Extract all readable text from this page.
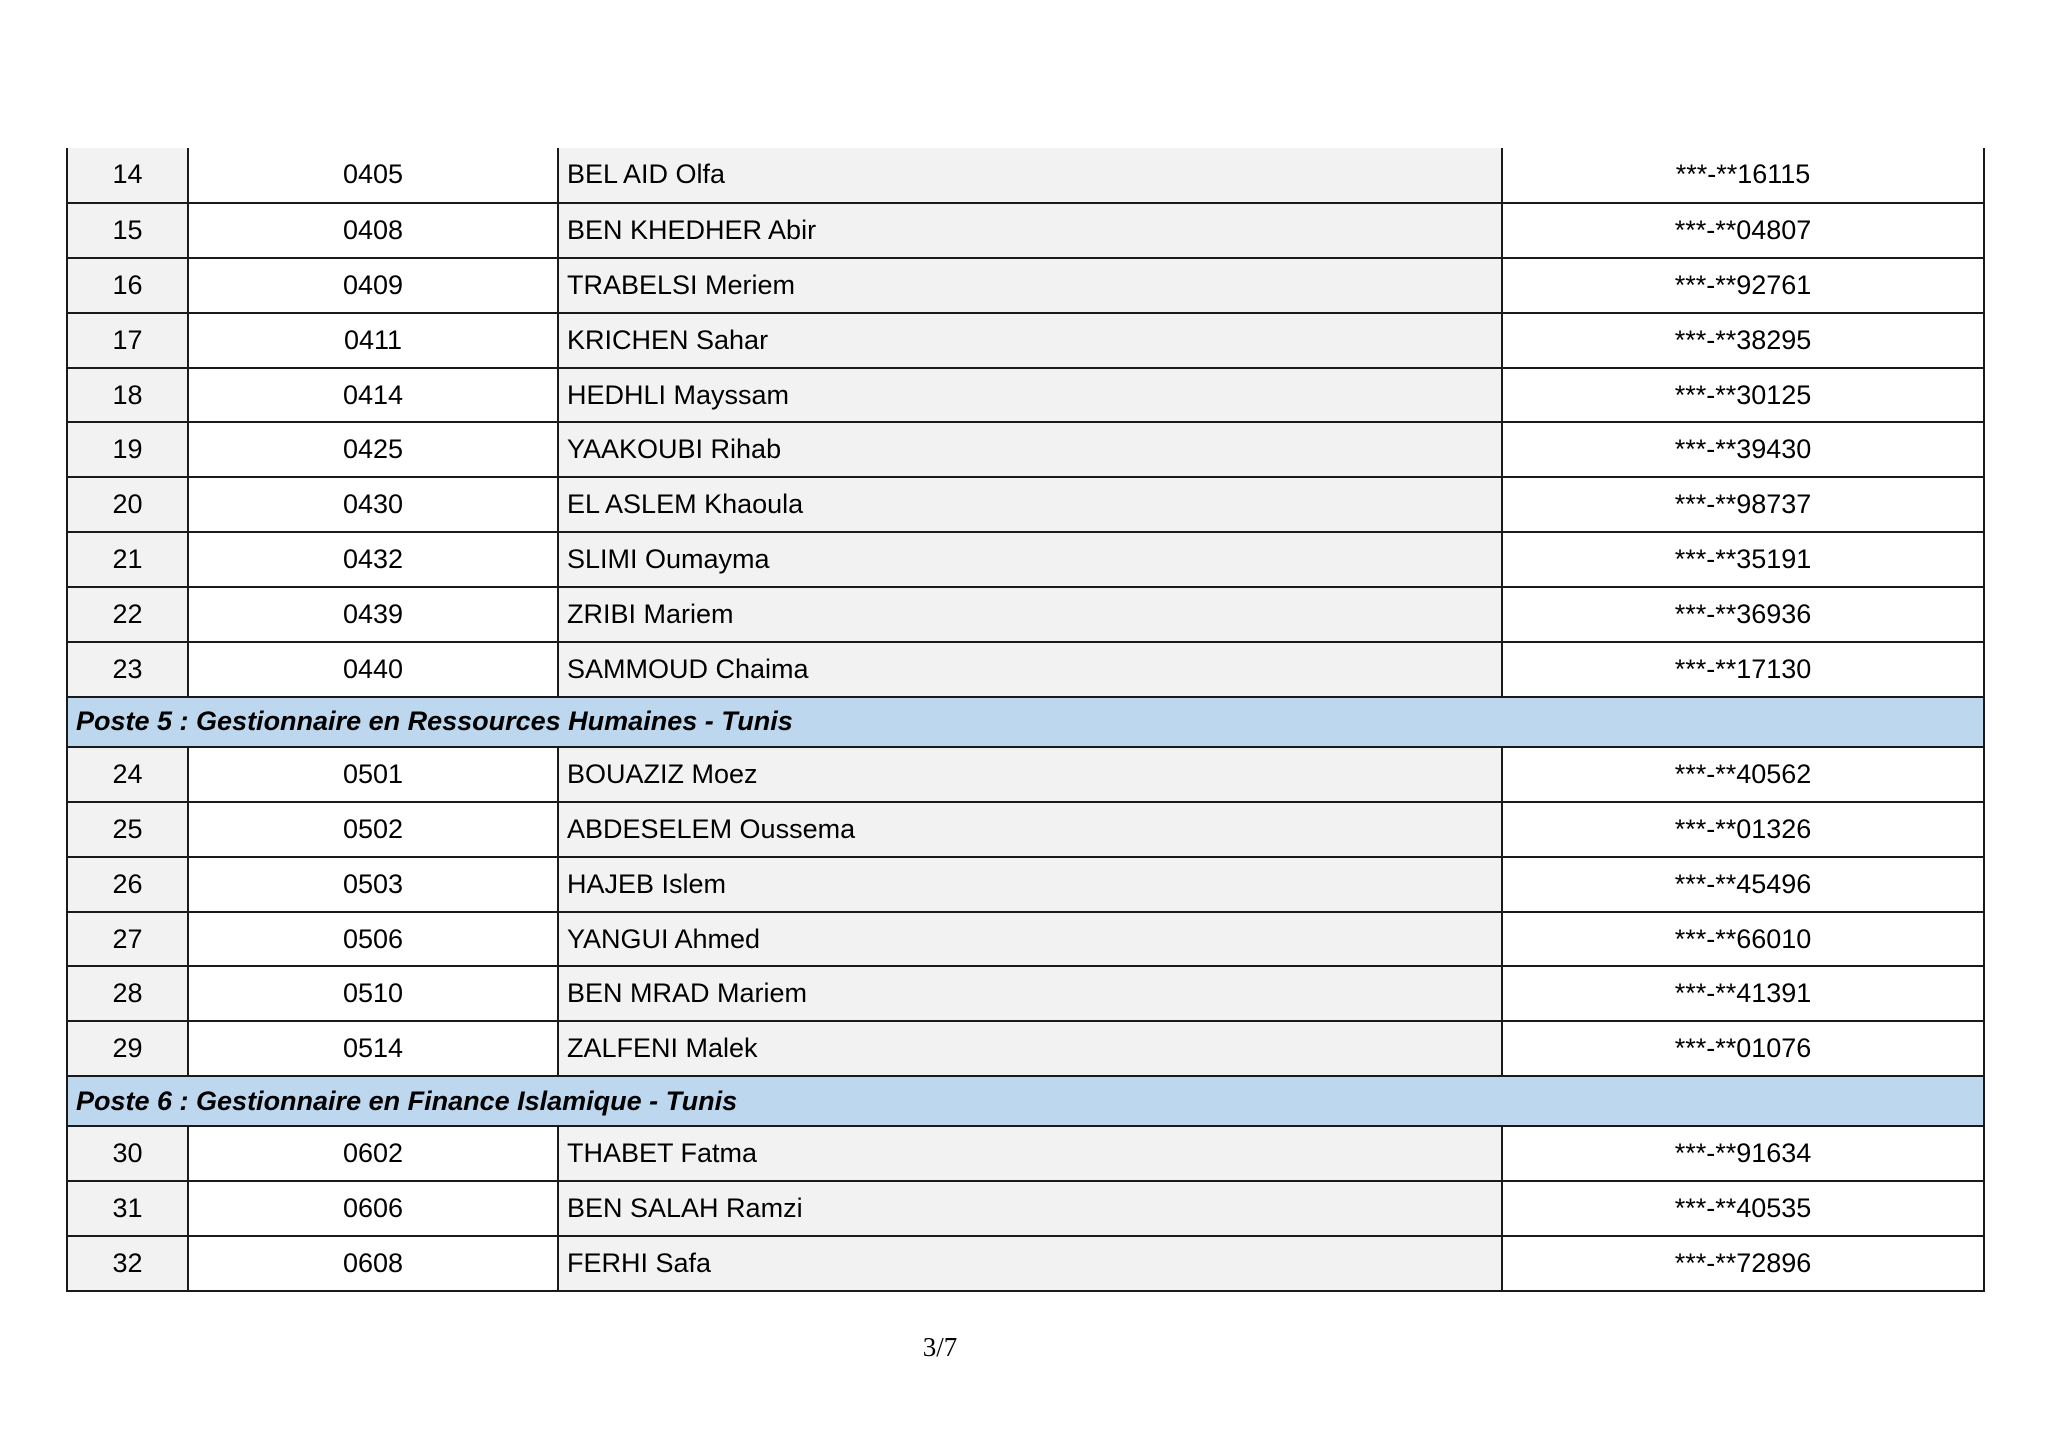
14	0405	BEL AID Olfa	***-**16115
15	0408	BEN KHEDHER Abir	***-**04807
16	0409	TRABELSI Meriem	***-**92761
17	0411	KRICHEN Sahar	***-**38295
18	0414	HEDHLI Mayssam	***-**30125
19	0425	YAAKOUBI Rihab	***-**39430
20	0430	EL ASLEM Khaoula	***-**98737
21	0432	SLIMI Oumayma	***-**35191
22	0439	ZRIBI Mariem	***-**36936
23	0440	SAMMOUD Chaima	***-**17130
Poste 5 : Gestionnaire en Ressources Humaines - Tunis			
24	0501	BOUAZIZ Moez	***-**40562
25	0502	ABDESELEM Oussema	***-**01326
26	0503	HAJEB Islem	***-**45496
27	0506	YANGUI Ahmed	***-**66010
28	0510	BEN MRAD Mariem	***-**41391
29	0514	ZALFENI Malek	***-**01076
Poste 6 : Gestionnaire en Finance Islamique - Tunis			
30	0602	THABET Fatma	***-**91634
31	0606	BEN SALAH Ramzi	***-**40535
32	0608	FERHI Safa	***-**72896
3/7
